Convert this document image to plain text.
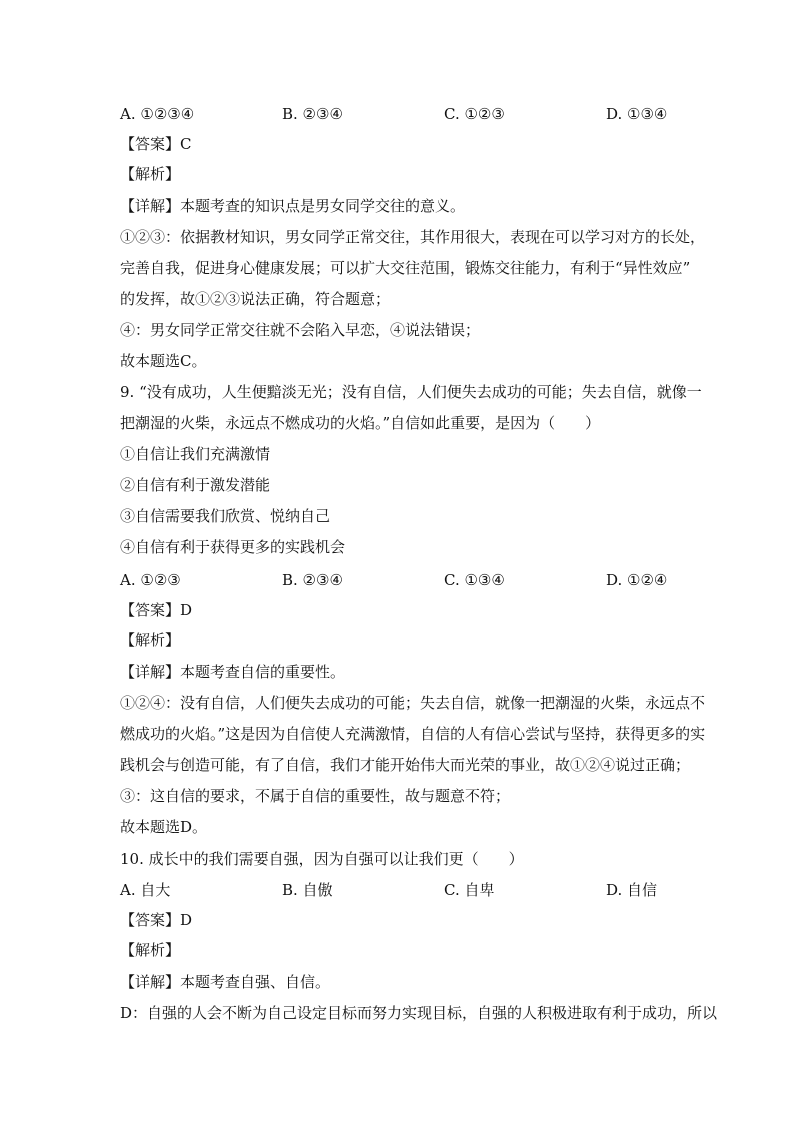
A. ①②③④	B. ②③④	C. ①②③	D. ①③④
【答案】C
【解析】
【详解】本题考查的知识点是男女同学交往的意义。
①②③：依据教材知识，男女同学正常交往，其作用很大，表现在可以学习对方的长处，
完善自我，促进身心健康发展；可以扩大交往范围，锻炼交往能力，有利于“异性效应”
的发挥，故①②③说法正确，符合题意；
④：男女同学正常交往就不会陷入早恋，④说法错误；
故本题选C。
9. “没有成功，人生便黯淡无光；没有自信，人们便失去成功的可能；失去自信，就像一
把潮湿的火柴，永远点不燃成功的火焰。”自信如此重要，是因为（　　）
①自信让我们充满激情
②自信有利于激发潜能
③自信需要我们欣赏、悦纳自己
④自信有利于获得更多的实践机会
A. ①②③	B. ②③④	C. ①③④	D. ①②④
【答案】D
【解析】
【详解】本题考查自信的重要性。
①②④：没有自信，人们便失去成功的可能；失去自信，就像一把潮湿的火柴，永远点不
燃成功的火焰。”这是因为自信使人充满激情，自信的人有信心尝试与坚持，获得更多的实
践机会与创造可能，有了自信，我们才能开始伟大而光荣的事业，故①②④说过正确；
③：这自信的要求，不属于自信的重要性，故与题意不符；
故本题选D。
10. 成长中的我们需要自强，因为自强可以让我们更（　　）
A. 自大	B. 自傲	C. 自卑	D. 自信
【答案】D
【解析】
【详解】本题考查自强、自信。
D：自强的人会不断为自己设定目标而努力实现目标，自强的人积极进取有利于成功，所以
